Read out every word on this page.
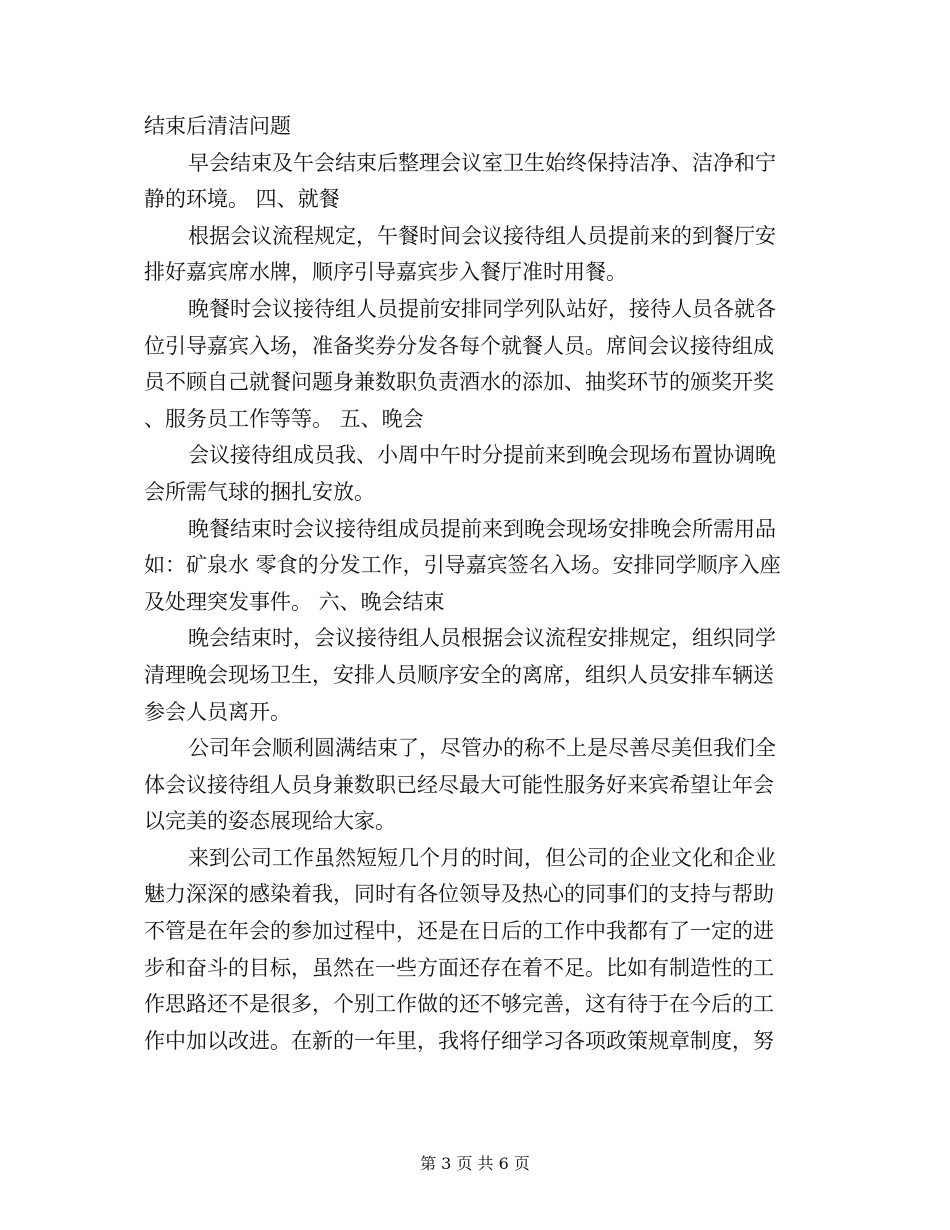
结束后清洁问题
早会结束及午会结束后整理会议室卫生始终保持洁净、洁净和宁
静的环境。 四、就餐
根据会议流程规定，午餐时间会议接待组人员提前来的到餐厅安
排好嘉宾席水牌，顺序引导嘉宾步入餐厅准时用餐。
晚餐时会议接待组人员提前安排同学列队站好，接待人员各就各
位引导嘉宾入场，准备奖券分发各每个就餐人员。席间会议接待组成
员不顾自己就餐问题身兼数职负责酒水的添加、抽奖环节的颁奖开奖
、服务员工作等等。 五、晚会
会议接待组成员我、小周中午时分提前来到晚会现场布置协调晚
会所需气球的捆扎安放。
晚餐结束时会议接待组成员提前来到晚会现场安排晚会所需用品
如：矿泉水 零食的分发工作，引导嘉宾签名入场。安排同学顺序入座
及处理突发事件。 六、晚会结束
晚会结束时，会议接待组人员根据会议流程安排规定，组织同学
清理晚会现场卫生，安排人员顺序安全的离席，组织人员安排车辆送
参会人员离开。
公司年会顺利圆满结束了，尽管办的称不上是尽善尽美但我们全
体会议接待组人员身兼数职已经尽最大可能性服务好来宾希望让年会
以完美的姿态展现给大家。
来到公司工作虽然短短几个月的时间，但公司的企业文化和企业
魅力深深的感染着我，同时有各位领导及热心的同事们的支持与帮助
不管是在年会的参加过程中，还是在日后的工作中我都有了一定的进
步和奋斗的目标，虽然在一些方面还存在着不足。比如有制造性的工
作思路还不是很多，个别工作做的还不够完善，这有待于在今后的工
作中加以改进。在新的一年里，我将仔细学习各项政策规章制度，努
第 3 页 共 6 页
